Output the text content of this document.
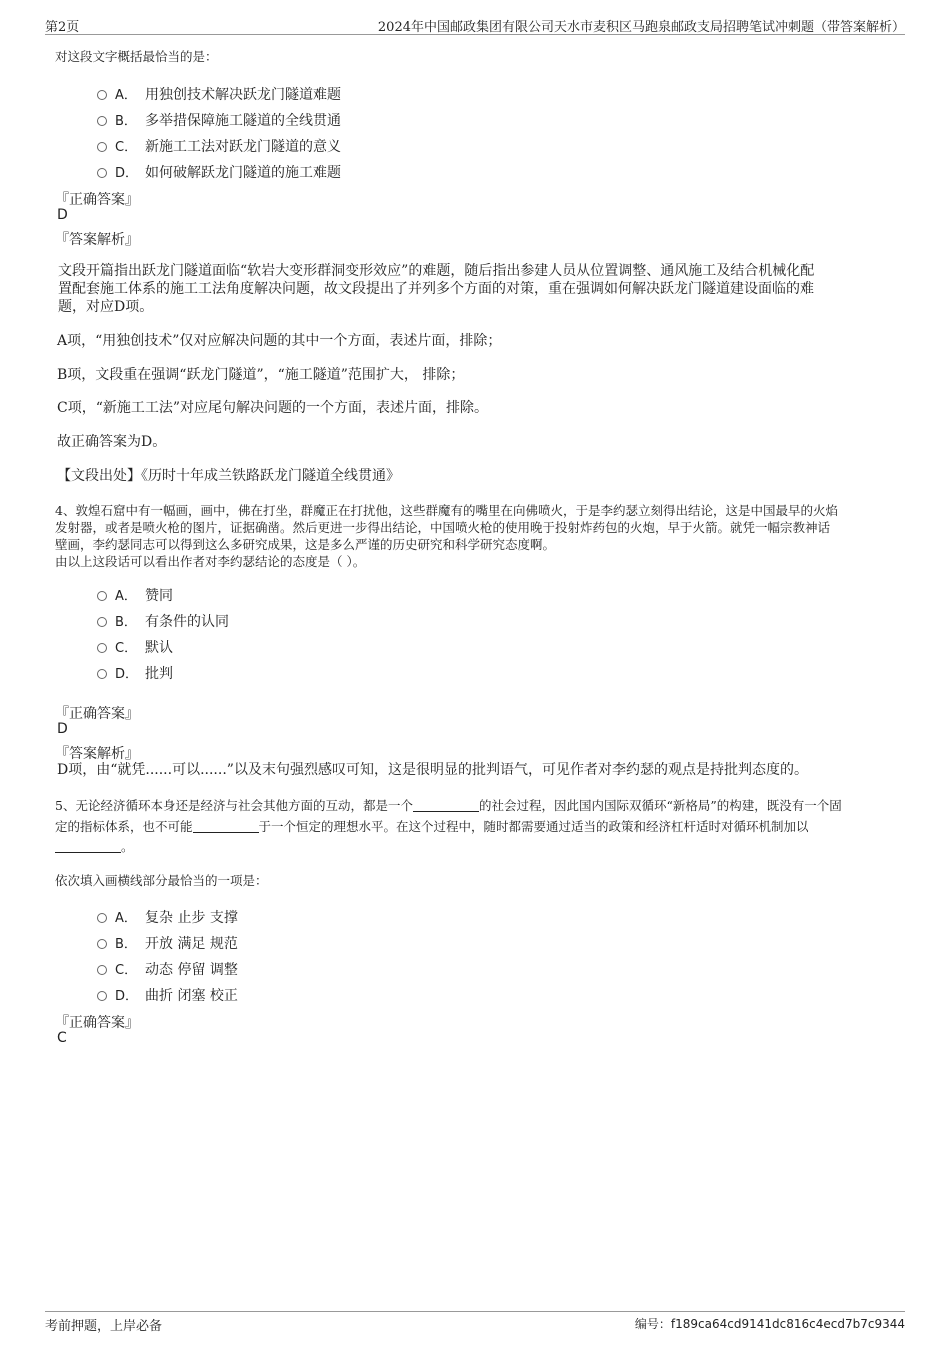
第2页	2024年中国邮政集团有限公司天水市麦积区马跑泉邮政支局招聘笔试冲刺题（带答案解析）
对这段文字概括最恰当的是：
A． 用独创技术解决跃龙门隧道难题
B． 多举措保障施工隧道的全线贯通
C． 新施工工法对跃龙门隧道的意义
D． 如何破解跃龙门隧道的施工难题
『正确答案』
D
『答案解析』
文段开篇指出跃龙门隧道面临“软岩大变形群洞变形效应”的难题，随后指出参建人员从位置调整、通风施工及结合机械化配
置配套施工体系的施工工法角度解决问题，故文段提出了并列多个方面的对策，重在强调如何解决跃龙门隧道建设面临的难
题，对应D项。
A项，“用独创技术”仅对应解决问题的其中一个方面，表述片面，排除；
B项，文段重在强调“跃龙门隧道”，“施工隧道”范围扩大， 排除；
C项，“新施工工法”对应尾句解决问题的一个方面，表述片面，排除。
故正确答案为D。
【文段出处】《历时十年成兰铁路跃龙门隧道全线贯通》
4、敦煌石窟中有一幅画，画中，佛在打坐，群魔正在打扰他，这些群魔有的嘴里在向佛喷火，于是李约瑟立刻得出结论，这是中国最早的火焰
发射器，或者是喷火枪的图片，证据确凿。然后更进一步得出结论，中国喷火枪的使用晚于投射炸药包的火炮，早于火箭。就凭一幅宗教神话
壁画，李约瑟同志可以得到这么多研究成果，这是多么严谨的历史研究和科学研究态度啊。
由以上这段话可以看出作者对李约瑟结论的态度是（ ）。
A． 赞同
B． 有条件的认同
C． 默认
D． 批判
『正确答案』
D
『答案解析』
D项，由“就凭......可以......”以及末句强烈感叹可知，这是很明显的批判语气，可见作者对李约瑟的观点是持批判态度的。
5、无论经济循环本身还是经济与社会其他方面的互动，都是一个	的社会过程，因此国内国际双循环“新格局”的构建，既没有一个固
定的指标体系，也不可能	于一个恒定的理想水平。在这个过程中，随时都需要通过适当的政策和经济杠杆适时对循环机制加以
。
依次填入画横线部分最恰当的一项是：
A． 复杂 止步 支撑
B． 开放 满足 规范
C． 动态 停留 调整
D． 曲折 闭塞 校正
『正确答案』
C
考前押题，上岸必备	编号：f189ca64cd9141dc816c4ecd7b7c9344
